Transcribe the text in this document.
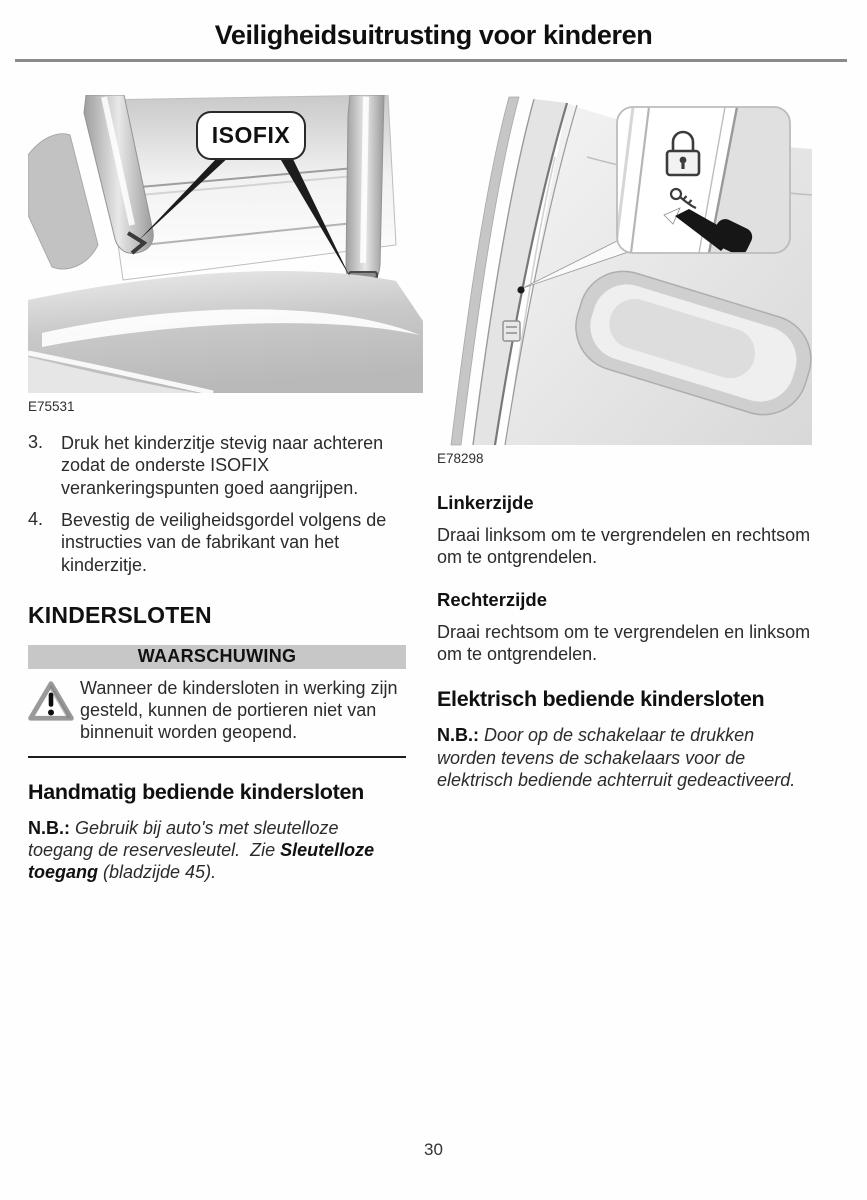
Veiligheidsuitrusting voor kinderen
ISOFIX
E75531
3. Druk het kinderzitje stevig naar achteren zodat de onderste ISOFIX verankeringspunten goed aangrijpen.
4. Bevestig de veiligheidsgordel volgens de instructies van de fabrikant van het kinderzitje.
KINDERSLOTEN
WAARSCHUWING
Wanneer de kindersloten in werking zijn gesteld, kunnen de portieren niet van binnenuit worden geopend.
Handmatig bediende kindersloten

N.B.: Gebruik bij auto's met sleutelloze toegang de reservesleutel.  Zie Sleutelloze toegang (bladzijde 45).

E78298
Linkerzijde

Draai linksom om te vergrendelen en rechtsom om te ontgrendelen.

Rechterzijde

Draai rechtsom om te vergrendelen en linksom om te ontgrendelen.

Elektrisch bediende kindersloten

N.B.: Door op de schakelaar te drukken worden tevens de schakelaars voor de elektrisch bediende achterruit gedeactiveerd.

30
